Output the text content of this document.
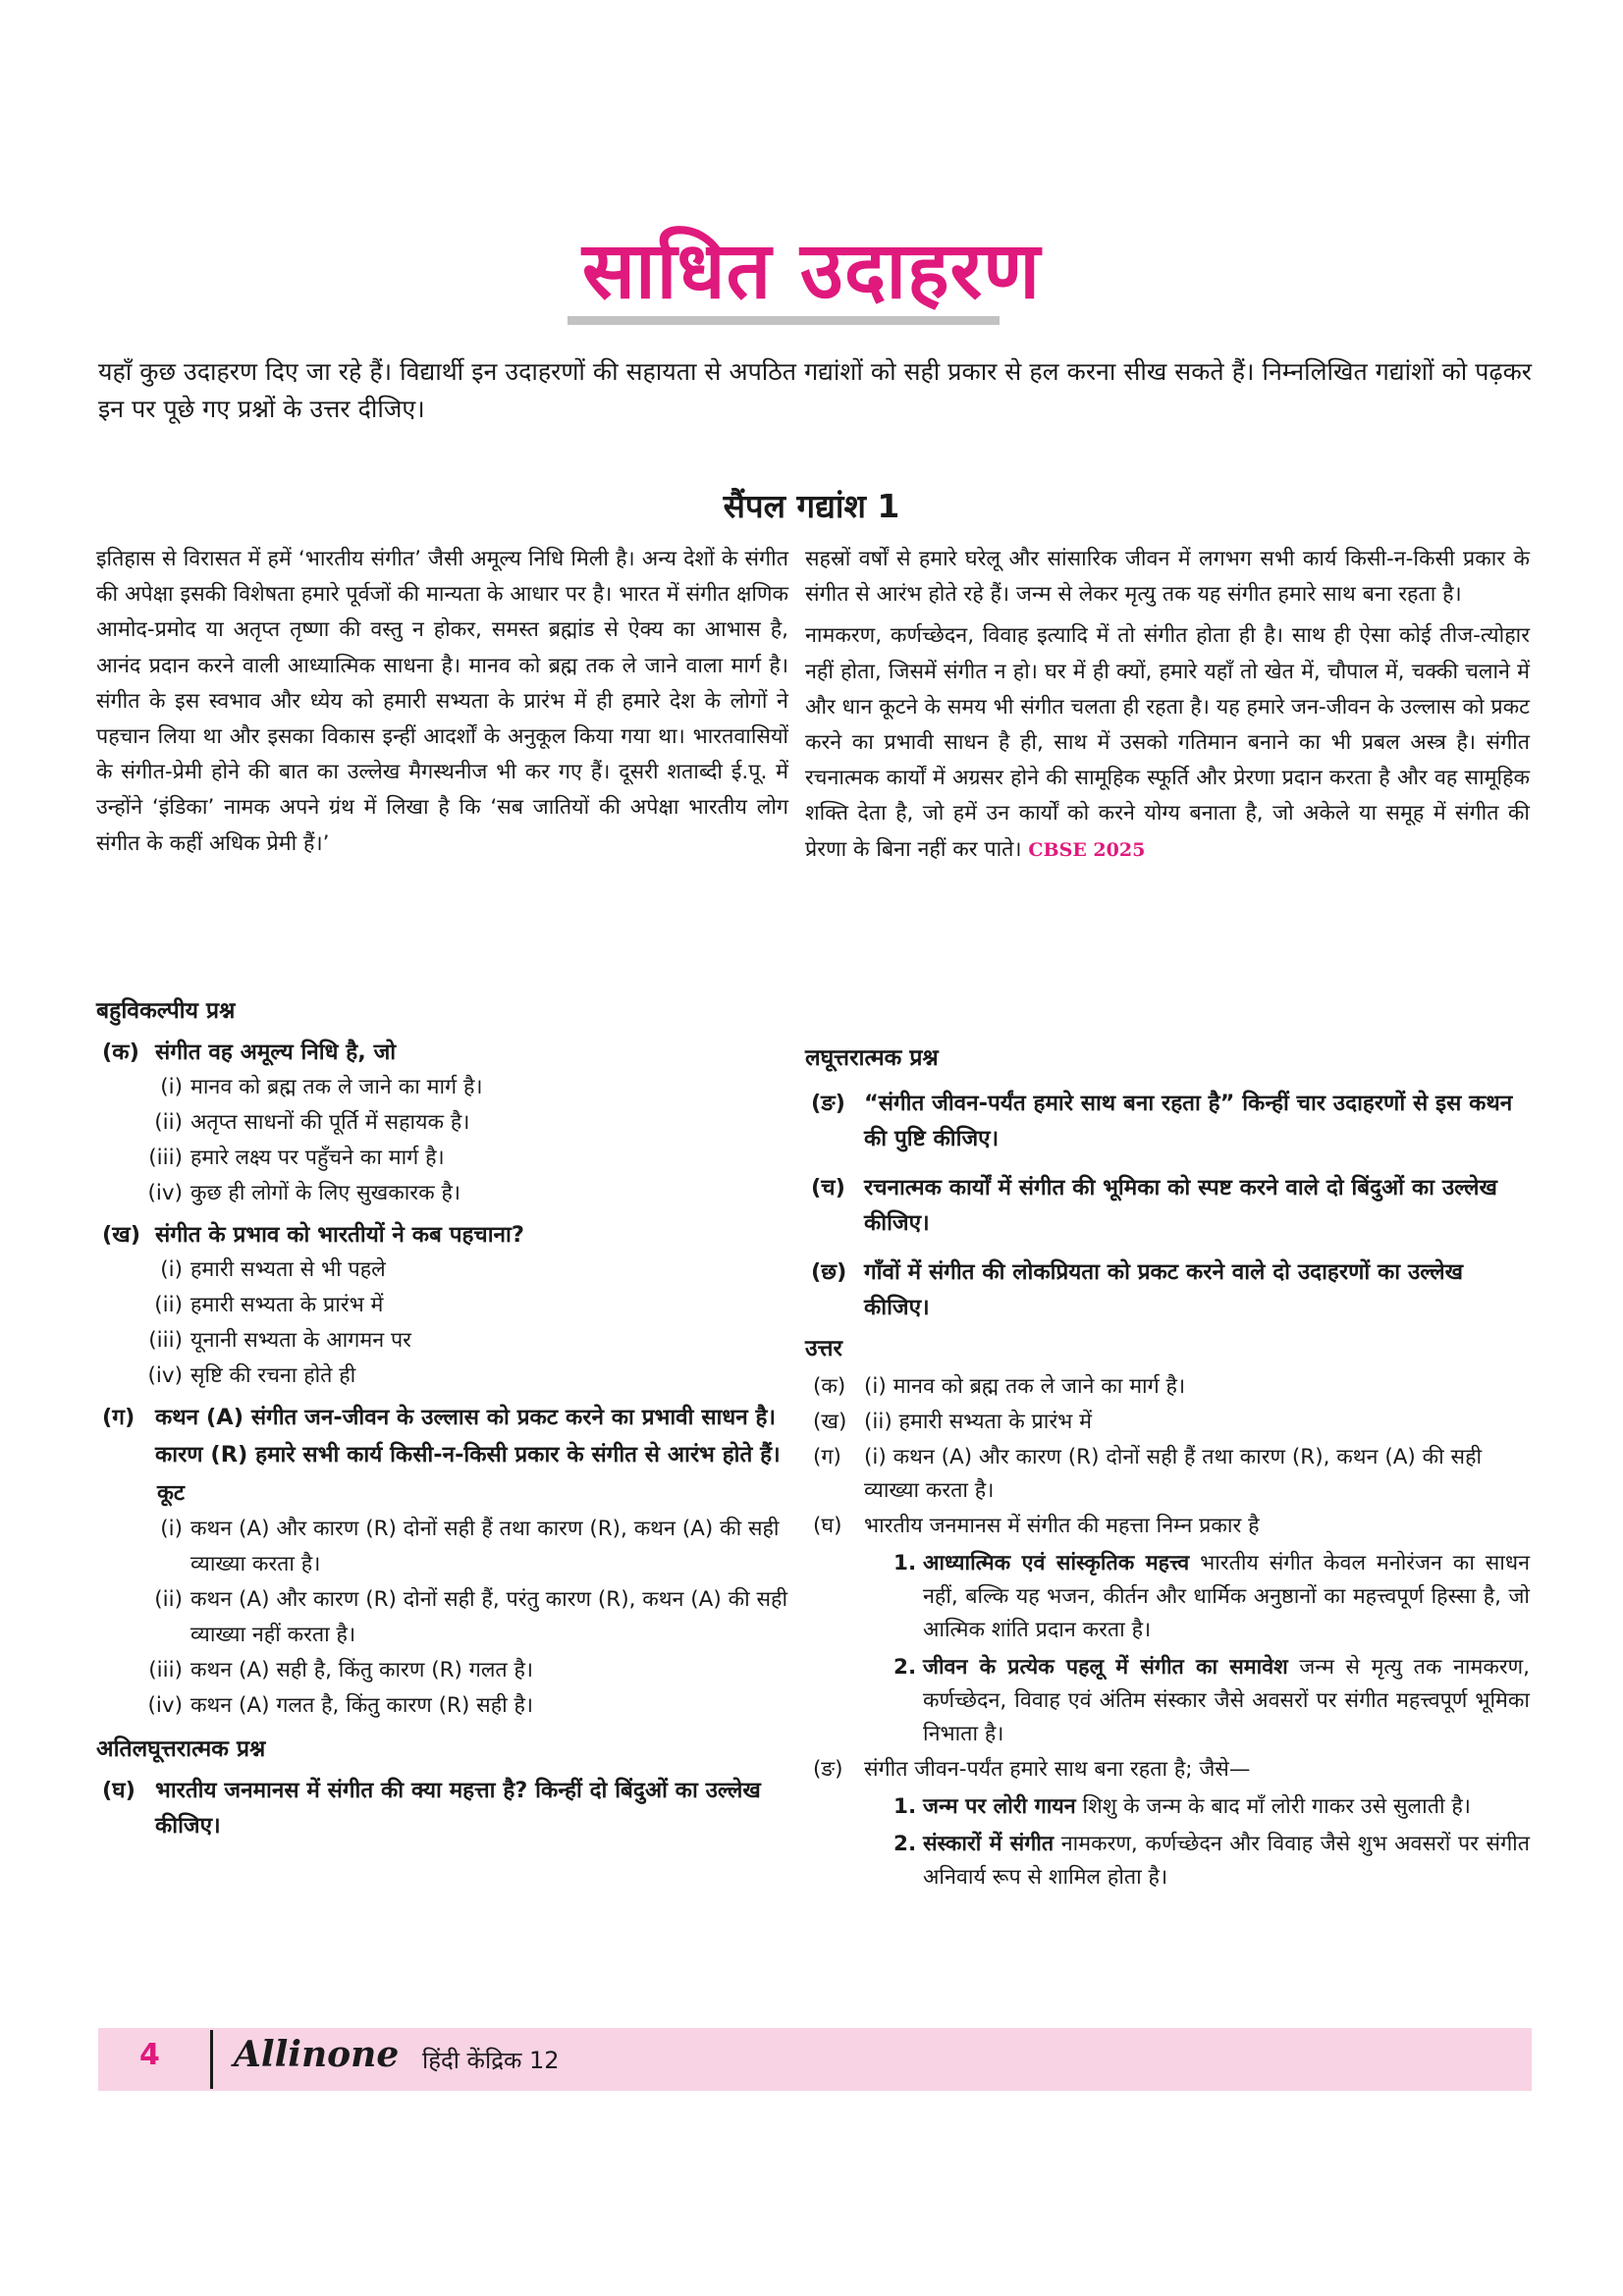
साधित उदाहरण

यहाँ कुछ उदाहरण दिए जा रहे हैं। विद्यार्थी इन उदाहरणों की सहायता से अपठित गद्यांशों को सही प्रकार से हल करना सीख सकते हैं। निम्नलिखित गद्यांशों को पढ़कर इन पर पूछे गए प्रश्नों के उत्तर दीजिए।

सैंपल गद्यांश 1

इतिहास से विरासत में हमें ‘भारतीय संगीत’ जैसी अमूल्य निधि मिली है। अन्य देशों के संगीत की अपेक्षा इसकी विशेषता हमारे पूर्वजों की मान्यता के आधार पर है। भारत में संगीत क्षणिक आमोद-प्रमोद या अतृप्त तृष्णा की वस्तु न होकर, समस्त ब्रह्मांड से ऐक्य का आभास है, आनंद प्रदान करने वाली आध्यात्मिक साधना है। मानव को ब्रह्म तक ले जाने वाला मार्ग है। संगीत के इस स्वभाव और ध्येय को हमारी सभ्यता के प्रारंभ में ही हमारे देश के लोगों ने पहचान लिया था और इसका विकास इन्हीं आदर्शों के अनुकूल किया गया था। भारतवासियों के संगीत-प्रेमी होने की बात का उल्लेख मैगस्थनीज भी कर गए हैं। दूसरी शताब्दी ई.पू. में उन्होंने ‘इंडिका’ नामक अपने ग्रंथ में लिखा है कि ‘सब जातियों की अपेक्षा भारतीय लोग संगीत के कहीं अधिक प्रेमी हैं।’

सहस्रों वर्षों से हमारे घरेलू और सांसारिक जीवन में लगभग सभी कार्य किसी-न-किसी प्रकार के संगीत से आरंभ होते रहे हैं। जन्म से लेकर मृत्यु तक यह संगीत हमारे साथ बना रहता है।

नामकरण, कर्णच्छेदन, विवाह इत्यादि में तो संगीत होता ही है। साथ ही ऐसा कोई तीज-त्योहार नहीं होता, जिसमें संगीत न हो। घर में ही क्यों, हमारे यहाँ तो खेत में, चौपाल में, चक्की चलाने में और धान कूटने के समय भी संगीत चलता ही रहता है। यह हमारे जन-जीवन के उल्लास को प्रकट करने का प्रभावी साधन है ही, साथ में उसको गतिमान बनाने का भी प्रबल अस्त्र है। संगीत रचनात्मक कार्यों में अग्रसर होने की सामूहिक स्फूर्ति और प्रेरणा प्रदान करता है और वह सामूहिक शक्ति देता है, जो हमें उन कार्यों को करने योग्य बनाता है, जो अकेले या समूह में संगीत की प्रेरणा के बिना नहीं कर पाते। CBSE 2025

बहुविकल्पीय प्रश्न
(क) संगीत वह अमूल्य निधि है, जो
(i) मानव को ब्रह्म तक ले जाने का मार्ग है।
(ii) अतृप्त साधनों की पूर्ति में सहायक है।
(iii) हमारे लक्ष्य पर पहुँचने का मार्ग है।
(iv) कुछ ही लोगों के लिए सुखकारक है।
(ख) संगीत के प्रभाव को भारतीयों ने कब पहचाना?
(i) हमारी सभ्यता से भी पहले
(ii) हमारी सभ्यता के प्रारंभ में
(iii) यूनानी सभ्यता के आगमन पर
(iv) सृष्टि की रचना होते ही
(ग) कथन (A) संगीत जन-जीवन के उल्लास को प्रकट करने का प्रभावी साधन है।
कारण (R) हमारे सभी कार्य किसी-न-किसी प्रकार के संगीत से आरंभ होते हैं।
कूट
(i) कथन (A) और कारण (R) दोनों सही हैं तथा कारण (R), कथन (A) की सही व्याख्या करता है।
(ii) कथन (A) और कारण (R) दोनों सही हैं, परंतु कारण (R), कथन (A) की सही व्याख्या नहीं करता है।
(iii) कथन (A) सही है, किंतु कारण (R) गलत है।
(iv) कथन (A) गलत है, किंतु कारण (R) सही है।
अतिलघूत्तरात्मक प्रश्न
(घ) भारतीय जनमानस में संगीत की क्या महत्ता है? किन्हीं दो बिंदुओं का उल्लेख कीजिए।
लघूत्तरात्मक प्रश्न
(ङ) “संगीत जीवन-पर्यंत हमारे साथ बना रहता है” किन्हीं चार उदाहरणों से इस कथन की पुष्टि कीजिए।
(च) रचनात्मक कार्यों में संगीत की भूमिका को स्पष्ट करने वाले दो बिंदुओं का उल्लेख कीजिए।
(छ) गाँवों में संगीत की लोकप्रियता को प्रकट करने वाले दो उदाहरणों का उल्लेख कीजिए।
उत्तर
(क) (i) मानव को ब्रह्म तक ले जाने का मार्ग है।
(ख) (ii) हमारी सभ्यता के प्रारंभ में
(ग)	(i) कथन (A) और कारण (R) दोनों सही हैं तथा कारण (R), कथन (A) की सही व्याख्या करता है।
(घ)	भारतीय जनमानस में संगीत की महत्ता निम्न प्रकार है
1. आध्यात्मिक एवं सांस्कृतिक महत्त्व भारतीय संगीत केवल मनोरंजन का साधन नहीं, बल्कि यह भजन, कीर्तन और धार्मिक अनुष्ठानों का महत्त्वपूर्ण हिस्सा है, जो आत्मिक शांति प्रदान करता है।
2. जीवन के प्रत्येक पहलू में संगीत का समावेश जन्म से मृत्यु तक नामकरण, कर्णच्छेदन, विवाह एवं अंतिम संस्कार जैसे अवसरों पर संगीत महत्त्वपूर्ण भूमिका निभाता है।
(ङ)	संगीत जीवन-पर्यंत हमारे साथ बना रहता है; जैसे—
1. जन्म पर लोरी गायन शिशु के जन्म के बाद माँ लोरी गाकर उसे सुलाती है।
2. संस्कारों में संगीत नामकरण, कर्णच्छेदन और विवाह जैसे शुभ अवसरों पर संगीत अनिवार्य रूप से शामिल होता है।
4 Allinone हिंदी केंद्रिक 12
